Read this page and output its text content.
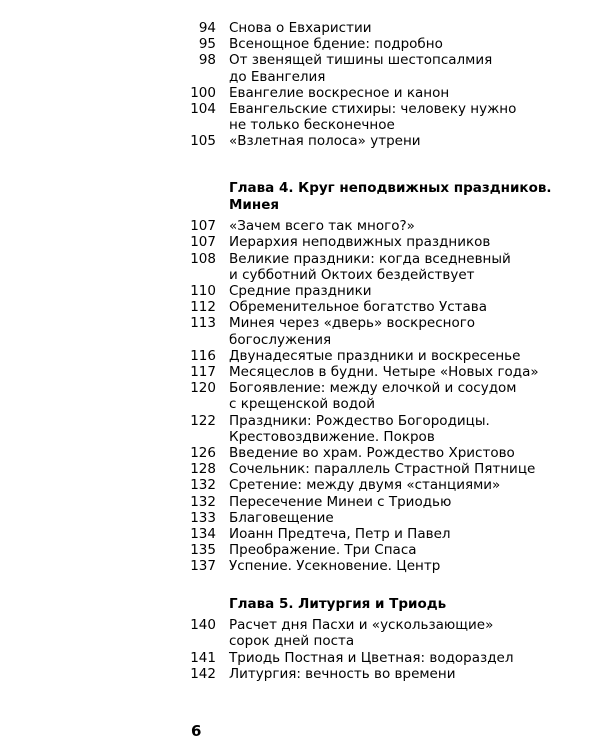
94 Снова о Евхаристии
95 Всенощное бдение: подробно
98 От звенящей тишины шестопсалмия
до Евангелия
100 Евангелие воскресное и канон
104 Евангельские стихиры: человеку нужно
не только бесконечное
105 «Взлетная полоса» утрени
Глава 4. Круг неподвижных праздников.
Минея
107 «Зачем всего так много?»
107 Иерархия неподвижных праздников
108 Великие праздники: когда вседневный
и субботний Октоих бездействует
110 Средние праздники
112 Обременительное богатство Устава
113 Минея через «дверь» воскресного
богослужения
116 Двунадесятые праздники и воскресенье
117 Месяцеслов в будни. Четыре «Новых года»
120 Богоявление: между елочкой и сосудом
с крещенской водой
122 Праздники: Рождество Богородицы.
Крестовоздвижение. Покров
126 Введение во храм. Рождество Христово
128 Сочельник: параллель Страстной Пятнице
132 Сретение: между двумя «станциями»
132 Пересечение Минеи с Триодью
133 Благовещение
134 Иоанн Предтеча, Петр и Павел
135 Преображение. Три Спаса
137 Успение. Усекновение. Центр
Глава 5. Литургия и Триодь
140 Расчет дня Пасхи и «ускользающие»
сорок дней поста
141 Триодь Постная и Цветная: водораздел
142 Литургия: вечность во времени
6
